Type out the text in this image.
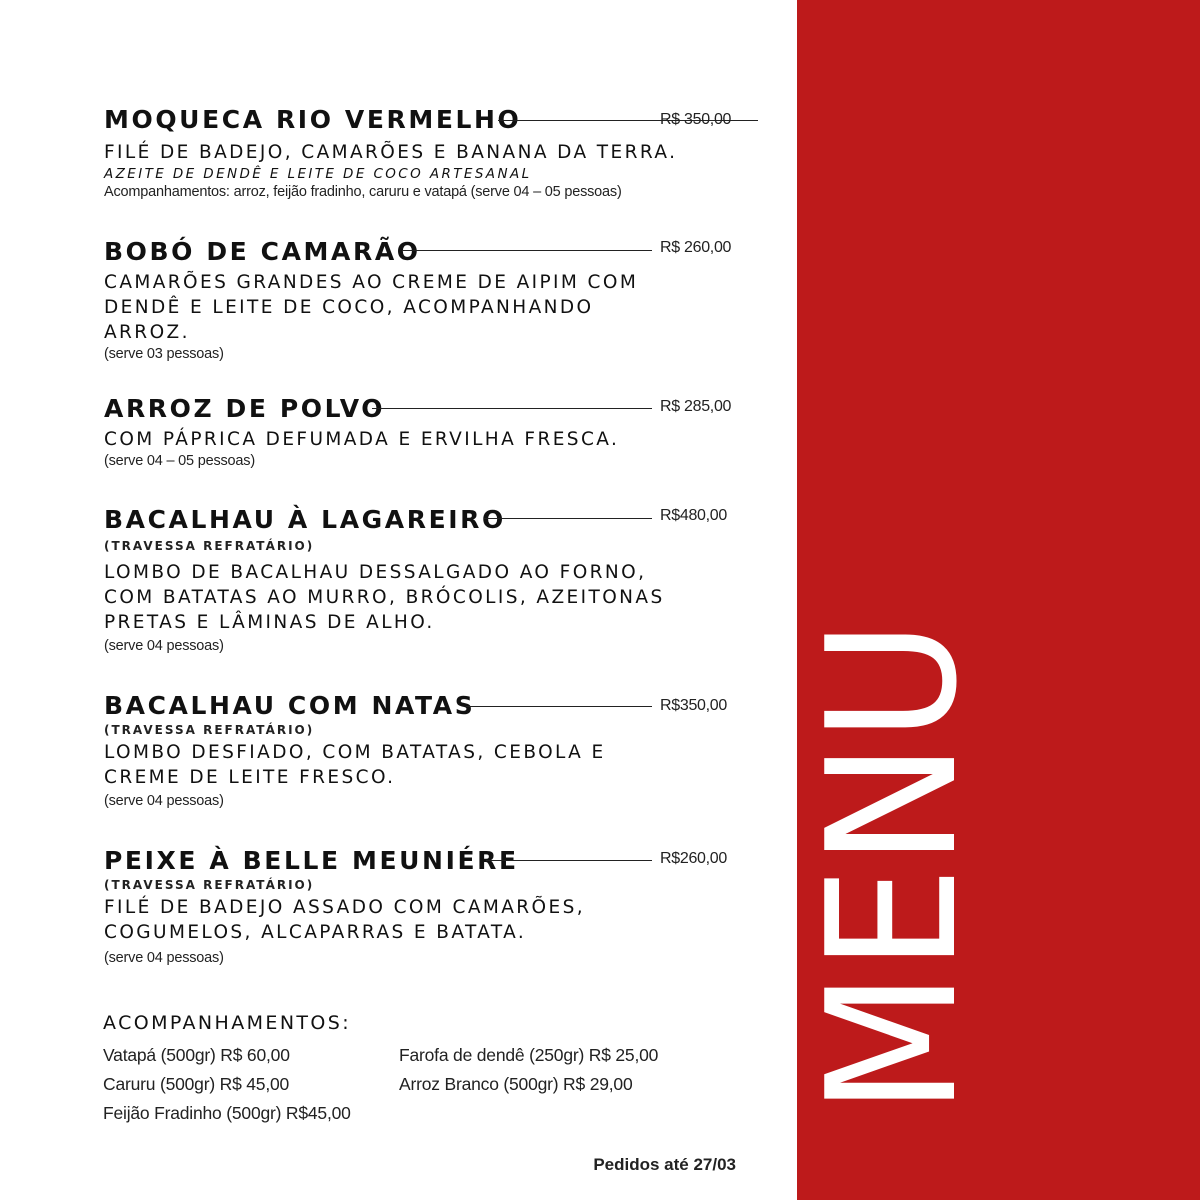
MOQUECA RIO VERMELHO	R$ 350,00
FILÉ DE BADEJO, CAMARÕES E BANANA DA TERRA.
AZEITE DE DENDÊ E LEITE DE COCO ARTESANAL
Acompanhamentos: arroz, feijão fradinho, caruru e vatapá (serve 04 – 05 pessoas)
BOBÓ DE CAMARÃO	R$ 260,00
CAMARÕES GRANDES AO CREME DE AIPIM COM
DENDÊ E LEITE DE COCO, ACOMPANHANDO
ARROZ.
(serve 03 pessoas)
ARROZ DE POLVO	R$ 285,00
COM PÁPRICA DEFUMADA E ERVILHA FRESCA.
(serve 04 – 05 pessoas)
BACALHAU À LAGAREIRO	R$480,00
(TRAVESSA REFRATÁRIO)
LOMBO DE BACALHAU DESSALGADO AO FORNO,
COM BATATAS AO MURRO, BRÓCOLIS, AZEITONAS
PRETAS E LÂMINAS DE ALHO.
(serve 04 pessoas)
BACALHAU COM NATAS	R$350,00
(TRAVESSA REFRATÁRIO)
LOMBO DESFIADO, COM BATATAS, CEBOLA E
CREME DE LEITE FRESCO.
(serve 04 pessoas)
PEIXE À BELLE MEUNIÉRE	R$260,00
(TRAVESSA REFRATÁRIO)
FILÉ DE BADEJO ASSADO COM CAMARÕES,
COGUMELOS, ALCAPARRAS E BATATA.
(serve 04 pessoas)
ACOMPANHAMENTOS:
Vatapá (500gr) R$ 60,00
Caruru (500gr) R$ 45,00
Feijão Fradinho (500gr) R$45,00
Farofa de dendê (250gr) R$ 25,00
Arroz Branco (500gr) R$ 29,00
Pedidos até 27/03
MENU
